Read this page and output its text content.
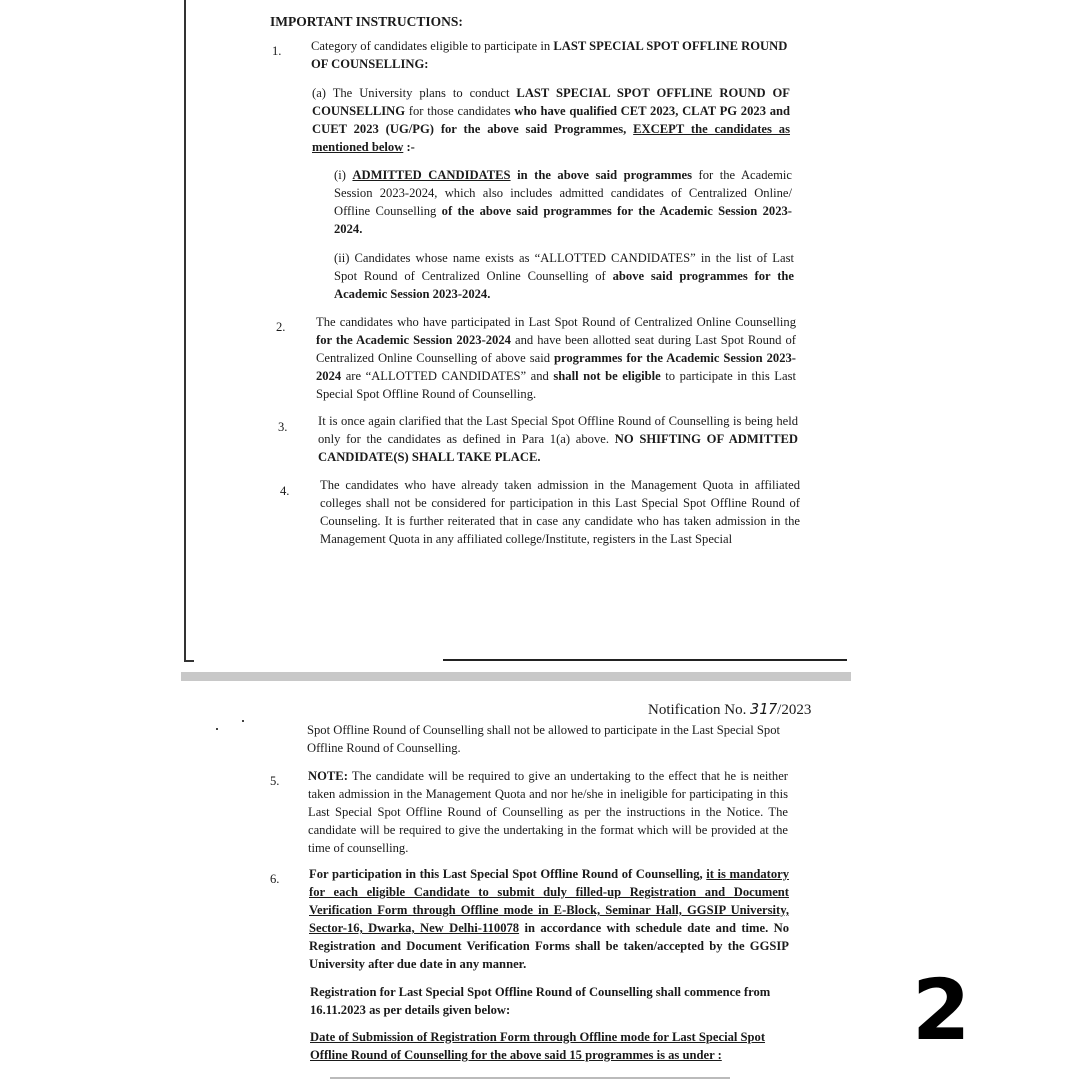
IMPORTANT INSTRUCTIONS:
1. Category of candidates eligible to participate in LAST SPECIAL SPOT OFFLINE ROUND OF COUNSELLING:
(a) The University plans to conduct LAST SPECIAL SPOT OFFLINE ROUND OF COUNSELLING for those candidates who have qualified CET 2023, CLAT PG 2023 and CUET 2023 (UG/PG) for the above said Programmes, EXCEPT the candidates as mentioned below :-
(i) ADMITTED CANDIDATES in the above said programmes for the Academic Session 2023-2024, which also includes admitted candidates of Centralized Online/ Offline Counselling of the above said programmes for the Academic Session 2023-2024.
(ii) Candidates whose name exists as “ALLOTTED CANDIDATES” in the list of Last Spot Round of Centralized Online Counselling of above said programmes for the Academic Session 2023-2024.
2. The candidates who have participated in Last Spot Round of Centralized Online Counselling for the Academic Session 2023-2024 and have been allotted seat during Last Spot Round of Centralized Online Counselling of above said programmes for the Academic Session 2023-2024 are “ALLOTTED CANDIDATES” and shall not be eligible to participate in this Last Special Spot Offline Round of Counselling.
3. It is once again clarified that the Last Special Spot Offline Round of Counselling is being held only for the candidates as defined in Para 1(a) above. NO SHIFTING OF ADMITTED CANDIDATE(S) SHALL TAKE PLACE.
4. The candidates who have already taken admission in the Management Quota in affiliated colleges shall not be considered for participation in this Last Special Spot Offline Round of Counseling. It is further reiterated that in case any candidate who has taken admission in the Management Quota in any affiliated college/Institute, registers in the Last Special
Notification No. 317/2023
Spot Offline Round of Counselling shall not be allowed to participate in the Last Special Spot Offline Round of Counselling.
5. NOTE: The candidate will be required to give an undertaking to the effect that he is neither taken admission in the Management Quota and nor he/she in ineligible for participating in this Last Special Spot Offline Round of Counselling as per the instructions in the Notice. The candidate will be required to give the undertaking in the format which will be provided at the time of counselling.
6. For participation in this Last Special Spot Offline Round of Counselling, it is mandatory for each eligible Candidate to submit duly filled-up Registration and Document Verification Form through Offline mode in E-Block, Seminar Hall, GGSIP University, Sector-16, Dwarka, New Delhi-110078 in accordance with schedule date and time. No Registration and Document Verification Forms shall be taken/accepted by the GGSIP University after due date in any manner.
Registration for Last Special Spot Offline Round of Counselling shall commence from 16.11.2023 as per details given below:
Date of Submission of Registration Form through Offline mode for Last Special Spot Offline Round of Counselling for the above said 15 programmes is as under :	2
